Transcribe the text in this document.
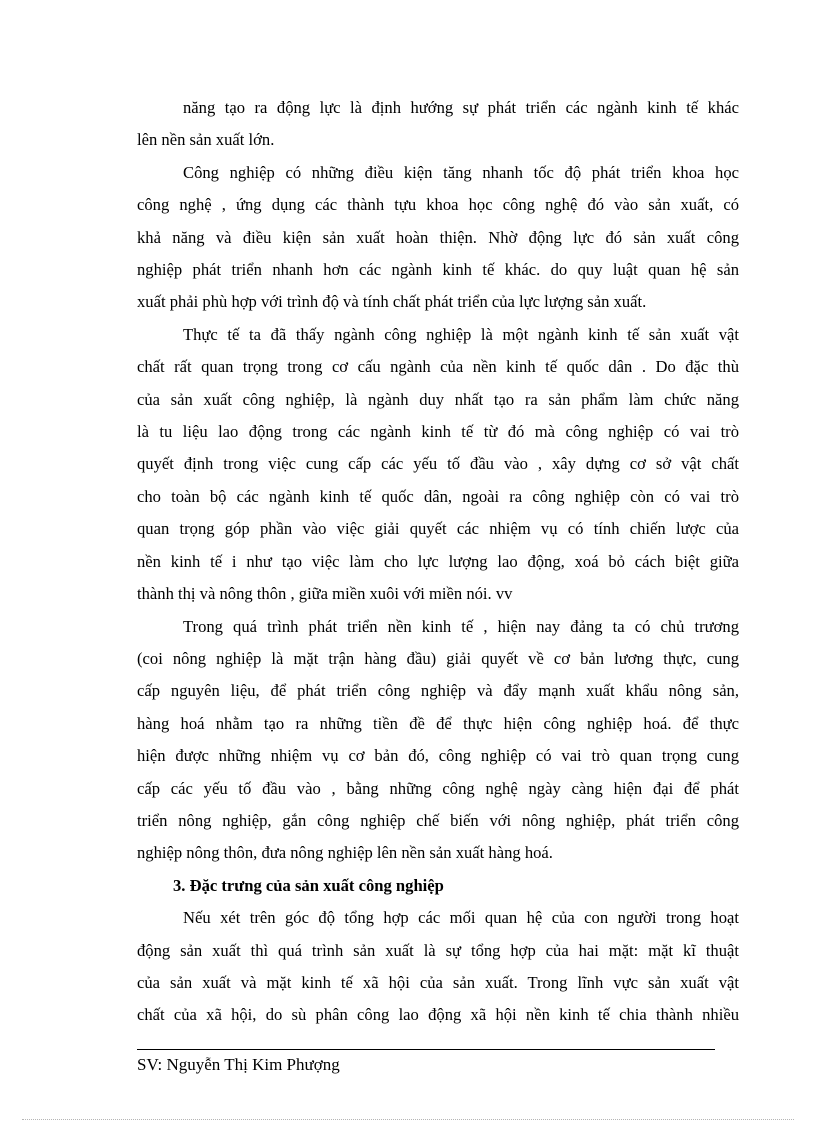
năng tạo ra động lực là định hướng sự phát triển các ngành kinh tế khác
lên nền sản xuất lớn.

Công nghiệp có những điều kiện tăng nhanh tốc độ phát triển khoa học
công nghệ , ứng dụng các thành tựu khoa học công nghệ đó vào sản xuất, có
khả năng và điều kiện sản xuất hoàn thiện. Nhờ động lực đó sản xuất công
nghiệp phát triển nhanh hơn các ngành kinh tế khác. do quy luật quan hệ sản
xuất phải phù hợp với trình độ và tính chất phát triển của lực lượng sản xuất.

Thực tế ta đã thấy ngành công nghiệp là một ngành kinh tế sản xuất vật
chất rất quan trọng trong cơ cấu ngành của nền kinh tế quốc dân . Do đặc thù
của sản xuất công nghiệp, là ngành duy nhất tạo ra sản phẩm làm chức năng
là tu liệu lao động trong các ngành kinh tế từ đó mà công nghiệp có vai trò
quyết định trong việc cung cấp các yếu tố đầu vào , xây dựng cơ sở vật chất
cho toàn bộ các ngành kinh tế quốc dân, ngoài ra công nghiệp còn có vai trò
quan trọng góp phần vào việc giải quyết các nhiệm vụ có tính chiến lược của
nền kinh tế i như tạo việc làm cho lực lượng lao động, xoá bỏ cách biệt giữa
thành thị và nông thôn , giữa miền xuôi với miền nói. vv

Trong quá trình phát triển nền kinh tế , hiện nay đảng ta có chủ trương
(coi nông nghiệp là mặt trận hàng đầu) giải quyết về cơ bản lương thực, cung
cấp nguyên liệu, để phát triển công nghiệp và đẩy mạnh xuất khẩu nông sản,
hàng hoá nhằm tạo ra những tiền đề để thực hiện công nghiệp hoá. để thực
hiện được những nhiệm vụ cơ bản đó, công nghiệp có vai trò quan trọng cung
cấp các yếu tố đầu vào , bằng những công nghệ ngày càng hiện đại để phát
triển nông nghiệp, gắn công nghiệp chế biến với nông nghiệp, phát triển công
nghiệp nông thôn, đưa nông nghiệp lên nền sản xuất hàng hoá.

3. Đặc trưng của sản xuất công nghiệp

Nếu xét trên góc độ tổng hợp các mối quan hệ của con người trong hoạt
động sản xuất thì quá trình sản xuất là sự tổng hợp của hai mặt: mặt kĩ thuật
của sản xuất và mặt kinh tế xã hội của sản xuất. Trong lĩnh vực sản xuất vật
chất của xã hội, do sù phân công lao động xã hội nền kinh tế chia thành nhiều

SV: Nguyễn Thị Kim Phượng
